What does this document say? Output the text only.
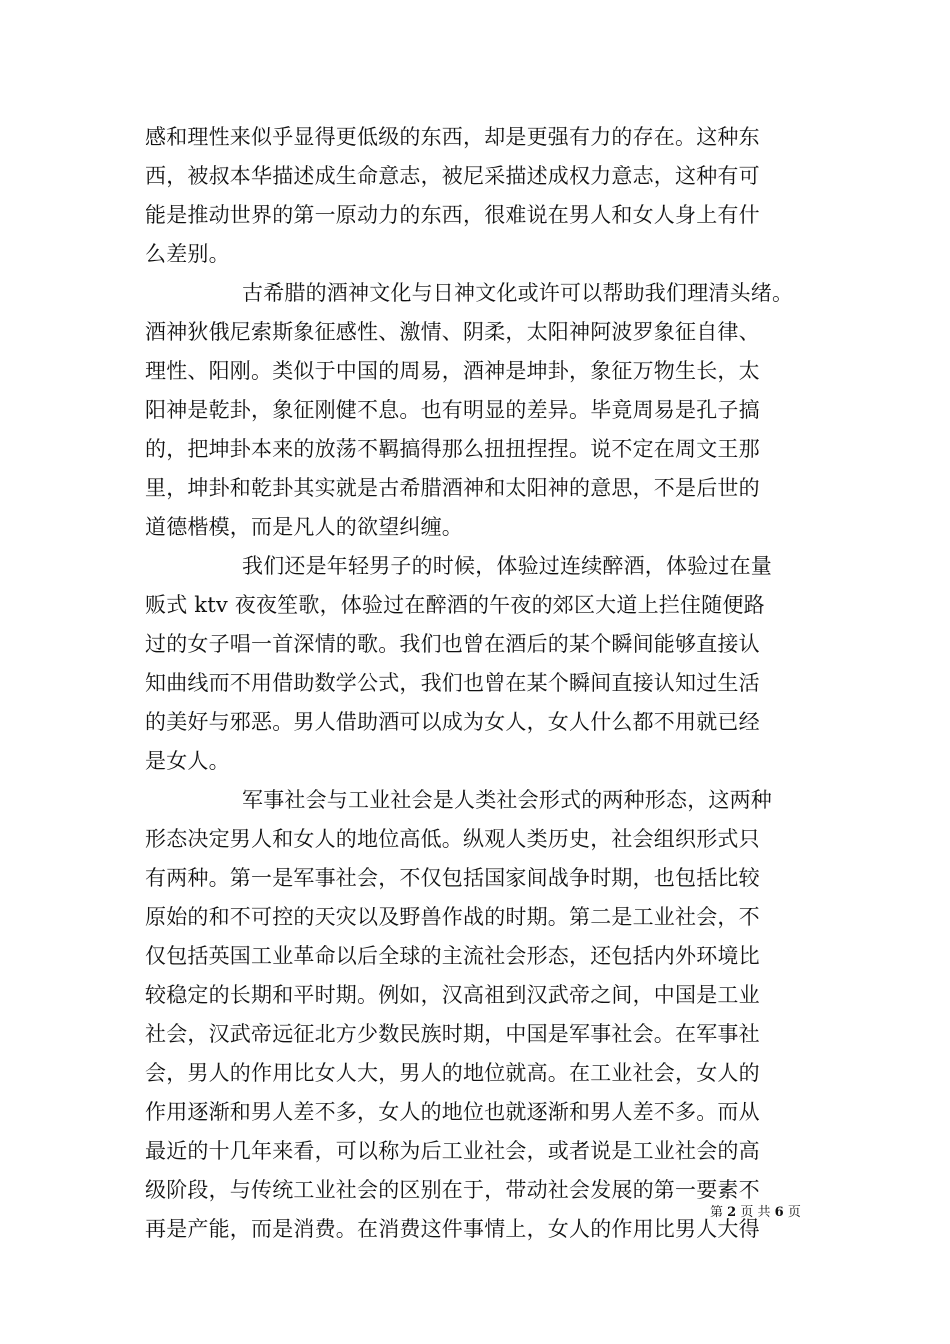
感和理性来似乎显得更低级的东西，却是更强有力的存在。这种东
西，被叔本华描述成生命意志，被尼采描述成权力意志，这种有可
能是推动世界的第一原动力的东西，很难说在男人和女人身上有什
么差别。
古希腊的酒神文化与日神文化或许可以帮助我们理清头绪。
酒神狄俄尼索斯象征感性、激情、阴柔，太阳神阿波罗象征自律、
理性、阳刚。类似于中国的周易，酒神是坤卦，象征万物生长，太
阳神是乾卦，象征刚健不息。也有明显的差异。毕竟周易是孔子搞
的，把坤卦本来的放荡不羁搞得那么扭扭捏捏。说不定在周文王那
里，坤卦和乾卦其实就是古希腊酒神和太阳神的意思，不是后世的
道德楷模，而是凡人的欲望纠缠。
我们还是年轻男子的时候，体验过连续醉酒，体验过在量
贩式 ktv 夜夜笙歌，体验过在醉酒的午夜的郊区大道上拦住随便路
过的女子唱一首深情的歌。我们也曾在酒后的某个瞬间能够直接认
知曲线而不用借助数学公式，我们也曾在某个瞬间直接认知过生活
的美好与邪恶。男人借助酒可以成为女人，女人什么都不用就已经
是女人。
军事社会与工业社会是人类社会形式的两种形态，这两种
形态决定男人和女人的地位高低。纵观人类历史，社会组织形式只
有两种。第一是军事社会，不仅包括国家间战争时期，也包括比较
原始的和不可控的天灾以及野兽作战的时期。第二是工业社会，不
仅包括英国工业革命以后全球的主流社会形态，还包括内外环境比
较稳定的长期和平时期。例如，汉高祖到汉武帝之间，中国是工业
社会，汉武帝远征北方少数民族时期，中国是军事社会。在军事社
会，男人的作用比女人大，男人的地位就高。在工业社会，女人的
作用逐渐和男人差不多，女人的地位也就逐渐和男人差不多。而从
最近的十几年来看，可以称为后工业社会，或者说是工业社会的高
级阶段，与传统工业社会的区别在于，带动社会发展的第一要素不
再是产能，而是消费。在消费这件事情上，女人的作用比男人大得
第 2 页 共 6 页
